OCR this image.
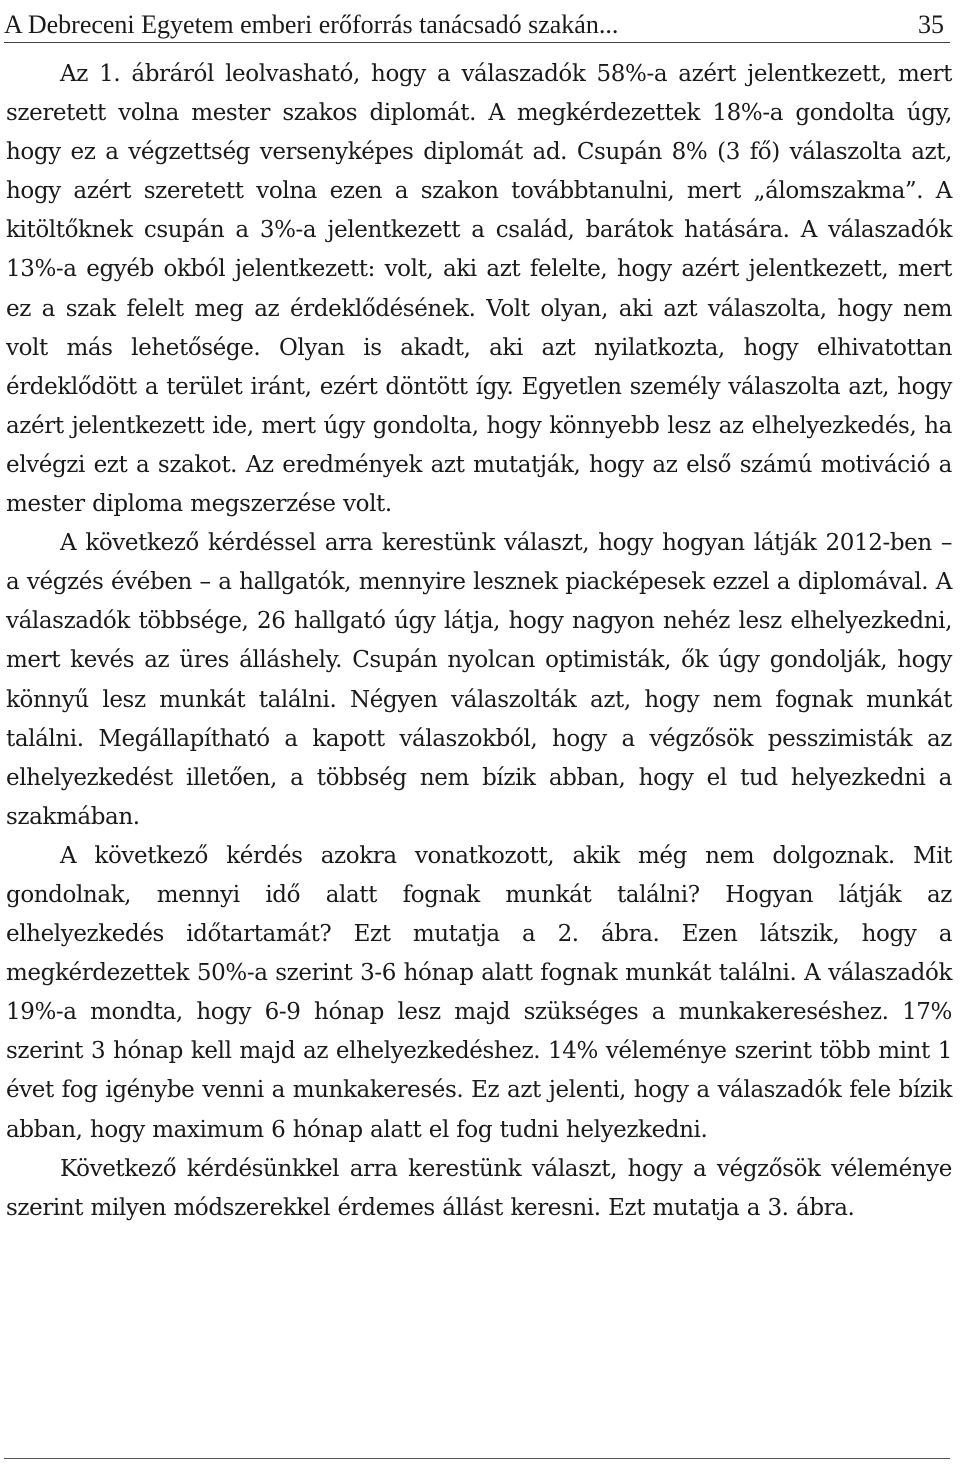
A Debreceni Egyetem emberi erőforrás tanácsadó szakán...	35

Az 1. ábráról leolvasható, hogy a válaszadók 58%-a azért jelentkezett, mert szeretett volna mester szakos diplomát. A megkérdezettek 18%-a gondolta úgy, hogy ez a végzettség versenyképes diplomát ad. Csupán 8% (3 fő) válaszolta azt, hogy azért szeretett volna ezen a szakon továbbtanulni, mert „álomszakma”. A kitöltőknek csupán a 3%-a jelentkezett a család, barátok hatására. A válaszadók 13%-a egyéb okból jelentkezett: volt, aki azt felelte, hogy azért jelentkezett, mert ez a szak felelt meg az érdeklődésének. Volt olyan, aki azt válaszolta, hogy nem volt más lehetősége. Olyan is akadt, aki azt nyilatkozta, hogy elhivatottan érdeklődött a terület iránt, ezért döntött így. Egyetlen személy válaszolta azt, hogy azért jelentkezett ide, mert úgy gondolta, hogy könnyebb lesz az elhelyezkedés, ha elvégzi ezt a szakot. Az eredmények azt mutatják, hogy az első számú motiváció a mester diploma megszerzése volt.

A következő kérdéssel arra kerestünk választ, hogy hogyan látják 2012-ben – a végzés évében – a hallgatók, mennyire lesznek piacképesek ezzel a diplomával. A válaszadók többsége, 26 hallgató úgy látja, hogy nagyon nehéz lesz elhelyezkedni, mert kevés az üres álláshely. Csupán nyolcan optimisták, ők úgy gondolják, hogy könnyű lesz munkát találni. Négyen válaszolták azt, hogy nem fognak munkát találni. Megállapítható a kapott válaszokból, hogy a végzősök pesszimisták az elhelyezkedést illetően, a többség nem bízik abban, hogy el tud helyezkedni a szakmában.

A következő kérdés azokra vonatkozott, akik még nem dolgoznak. Mit gondolnak, mennyi idő alatt fognak munkát találni? Hogyan látják az elhelyezkedés időtartamát? Ezt mutatja a 2. ábra. Ezen látszik, hogy a megkérdezettek 50%-a szerint 3-6 hónap alatt fognak munkát találni. A válaszadók 19%-a mondta, hogy 6-9 hónap lesz majd szükséges a munkakereséshez. 17% szerint 3 hónap kell majd az elhelyezkedéshez. 14% véleménye szerint több mint 1 évet fog igénybe venni a munkakeresés. Ez azt jelenti, hogy a válaszadók fele bízik abban, hogy maximum 6 hónap alatt el fog tudni helyezkedni.

Következő kérdésünkkel arra kerestünk választ, hogy a végzősök véleménye szerint milyen módszerekkel érdemes állást keresni. Ezt mutatja a 3. ábra.
